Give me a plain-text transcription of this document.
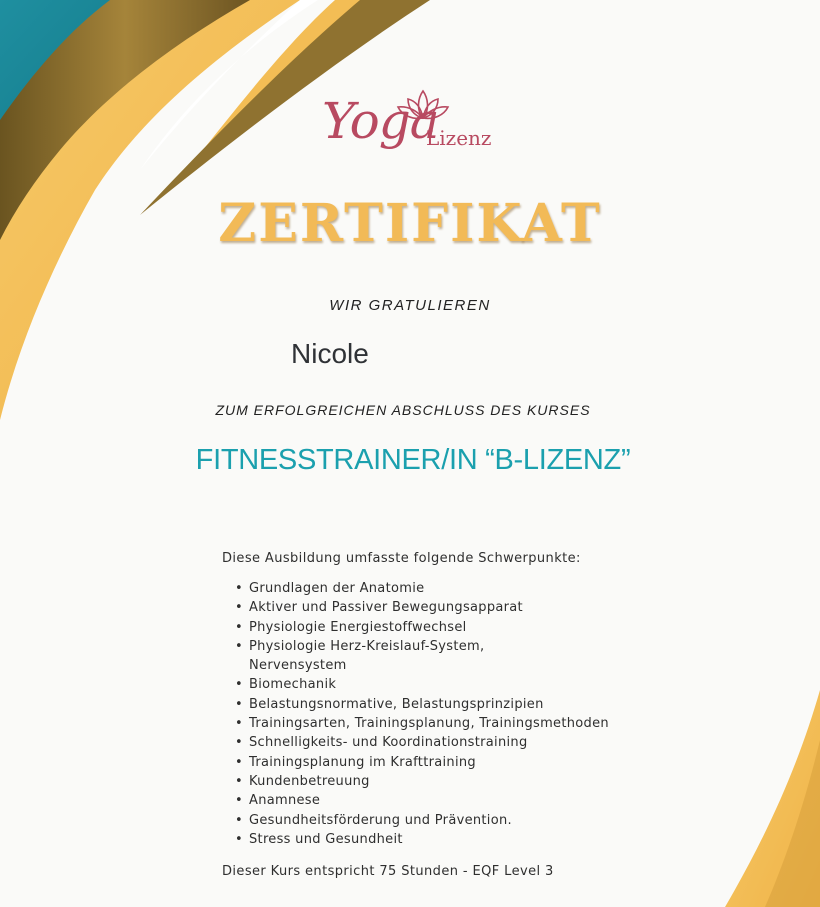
Yoga
Lizenz
ZERTIFIKAT
WIR GRATULIEREN
Nicole
ZUM ERFOLGREICHEN ABSCHLUSS DES KURSES
FITNESSTRAINER/IN “B-LIZENZ”
Diese Ausbildung umfasste folgende Schwerpunkte:
• Grundlagen der Anatomie
• Aktiver und Passiver Bewegungsapparat
• Physiologie Energiestoffwechsel
• Physiologie Herz-Kreislauf-System, Nervensystem
• Biomechanik
• Belastungsnormative, Belastungsprinzipien
• Trainingsarten, Trainingsplanung, Trainingsmethoden
• Schnelligkeits- und Koordinationstraining
• Trainingsplanung im Krafttraining
• Kundenbetreuung
• Anamnese
• Gesundheitsförderung und Prävention.
• Stress und Gesundheit
Dieser Kurs entspricht 75 Stunden - EQF Level 3
